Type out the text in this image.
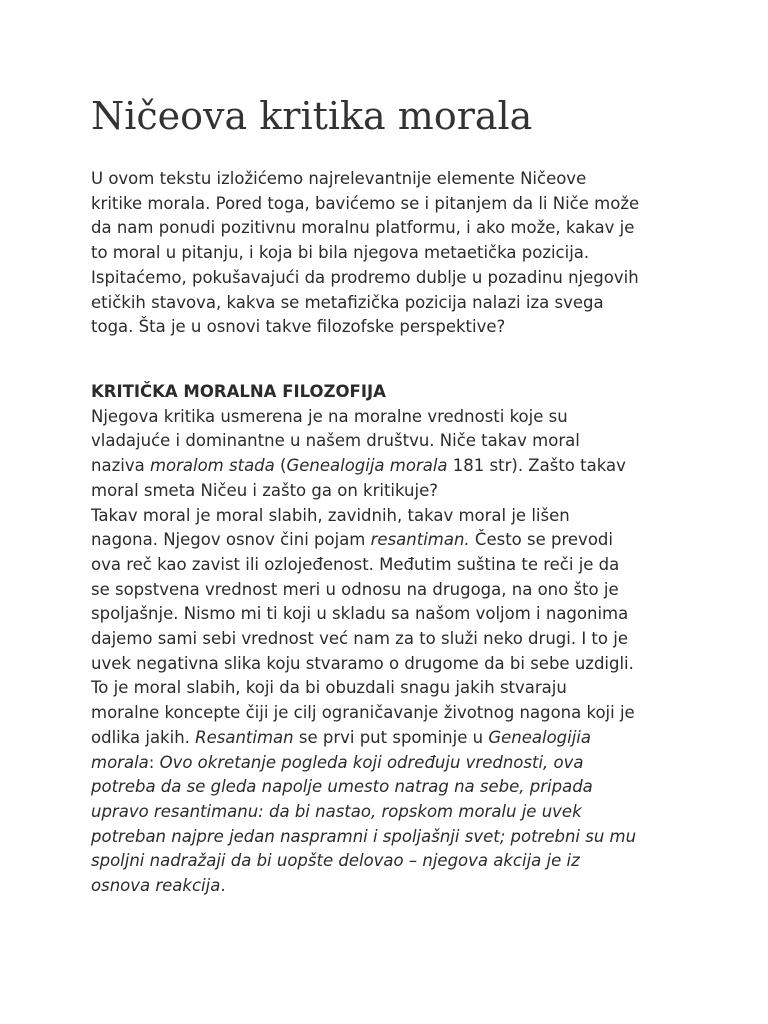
Ničeova kritika morala

U ovom tekstu izložićemo najrelevantnije elemente Ničeove
kritike morala. Pored toga, bavićemo se i pitanjem da li Niče može
da nam ponudi pozitivnu moralnu platformu, i ako može, kakav je
to moral u pitanju, i koja bi bila njegova metaetička pozicija.
Ispitaćemo, pokušavajući da prodremo dublje u pozadinu njegovih
etičkih stavova, kakva se metafizička pozicija nalazi iza svega
toga. Šta je u osnovi takve filozofske perspektive?

KRITIČKA MORALNA FILOZOFIJA

Njegova kritika usmerena je na moralne vrednosti koje su
vladajuće i dominantne u našem društvu. Niče takav moral
naziva moralom stada (Genealogija morala 181 str). Zašto takav
moral smeta Ničeu i zašto ga on kritikuje?

Takav moral je moral slabih, zavidnih, takav moral je lišen
nagona. Njegov osnov čini pojam resantiman. Često se prevodi
ova reč kao zavist ili ozlojeđenost. Međutim suština te reči je da
se sopstvena vrednost meri u odnosu na drugoga, na ono što je
spoljašnje. Nismo mi ti koji u skladu sa našom voljom i nagonima
dajemo sami sebi vrednost već nam za to služi neko drugi. I to je
uvek negativna slika koju stvaramo o drugome da bi sebe uzdigli.
To je moral slabih, koji da bi obuzdali snagu jakih stvaraju
moralne koncepte čiji je cilj ograničavanje životnog nagona koji je
odlika jakih. Resantiman se prvi put spominje u Genealogijia
morala: Ovo okretanje pogleda koji određuju vrednosti, ova
potreba da se gleda napolje umesto natrag na sebe, pripada
upravo resantimanu: da bi nastao, ropskom moralu je uvek
potreban najpre jedan naspramni i spoljašnji svet; potrebni su mu
spoljni nadražaji da bi uopšte delovao – njegova akcija je iz
osnova reakcija.
